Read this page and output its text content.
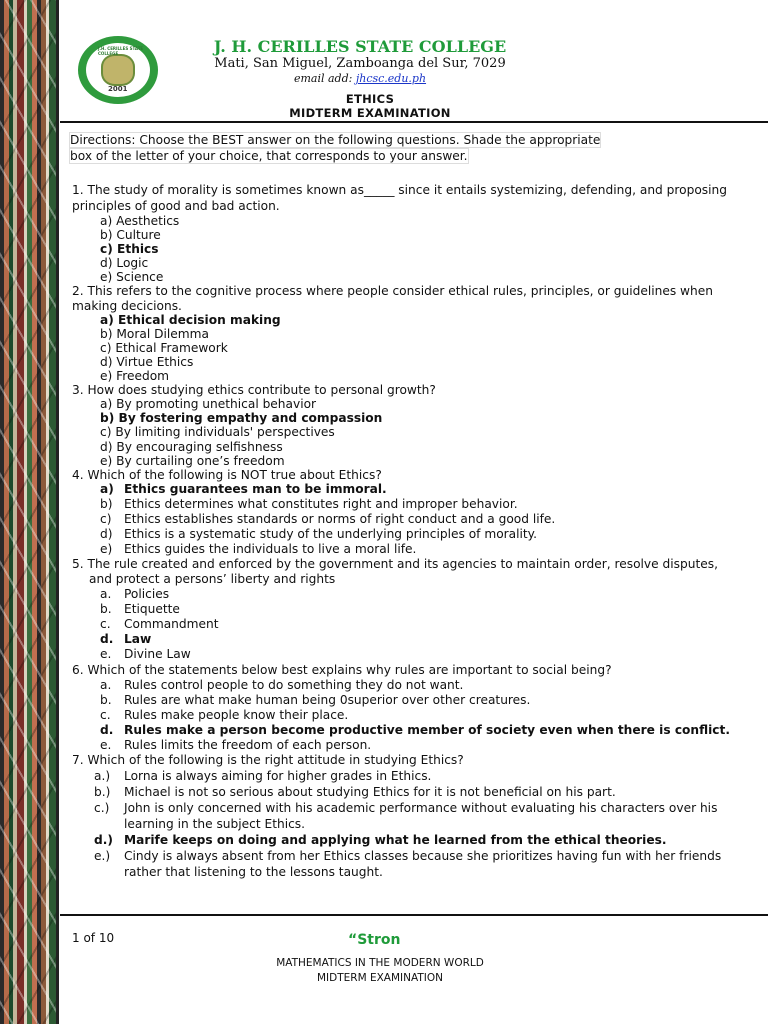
J.H. CERILLES STATE COLLEGE
2001
J. H. CERILLES STATE COLLEGE
Mati, San Miguel, Zamboanga del Sur, 7029
email add: jhcsc.edu.ph
ETHICS
MIDTERM EXAMINATION
Directions: Choose the BEST answer on the following questions. Shade the appropriate
box of the letter of your choice, that corresponds to your answer.
1. The study of morality is sometimes known as_____ since it entails systemizing, defending, and proposing principles of good and bad action.
a) Aesthetics
b) Culture
c) Ethics
d) Logic
e) Science
2. This refers to the cognitive process where people consider ethical rules, principles, or guidelines when making decicions.
a) Ethical decision making
b) Moral Dilemma
c) Ethical Framework
d) Virtue Ethics
e) Freedom
3. How does studying ethics contribute to personal growth?
a) By promoting unethical behavior
b) By fostering empathy and compassion
c) By limiting individuals' perspectives
d) By encouraging selfishness
e) By curtailing one’s freedom
4. Which of the following is NOT true about Ethics?
a) Ethics guarantees man to be immoral.
b) Ethics determines what constitutes right and improper behavior.
c)	Ethics establishes standards or norms of right conduct and a good life.
d) Ethics is a systematic study of the underlying principles of morality.
e) Ethics guides the individuals to live a moral life.
5. The rule created and enforced by the government and its agencies to maintain order, resolve disputes, and protect a persons’ liberty and rights
a.	Policies
b.	Etiquette
c.	Commandment
d. Law
e.	Divine Law
6. Which of the statements below best explains why rules are important to social being?
a.	Rules control people to do something they do not want.
b.	Rules are what make human being 0superior over other creatures.
c.	Rules make people know their place.
d. Rules make a person become productive member of society even when there is conflict.
e.	Rules limits the freedom of each person.
7. Which of the following is the right attitude in studying Ethics?
a.)	Lorna is always aiming for higher grades in Ethics.
b.)	Michael is not so serious about studying Ethics for it is not beneficial on his part.
c.)	John is only concerned with his academic performance without evaluating his characters over his learning in the subject Ethics.
d.) Marife keeps on doing and applying what he learned from the ethical theories.
e.)	Cindy is always absent from her Ethics classes because she prioritizes having fun with her friends rather that listening to the lessons taught.
1 of 10	“Stron
MATHEMATICS IN THE MODERN WORLD
MIDTERM EXAMINATION
